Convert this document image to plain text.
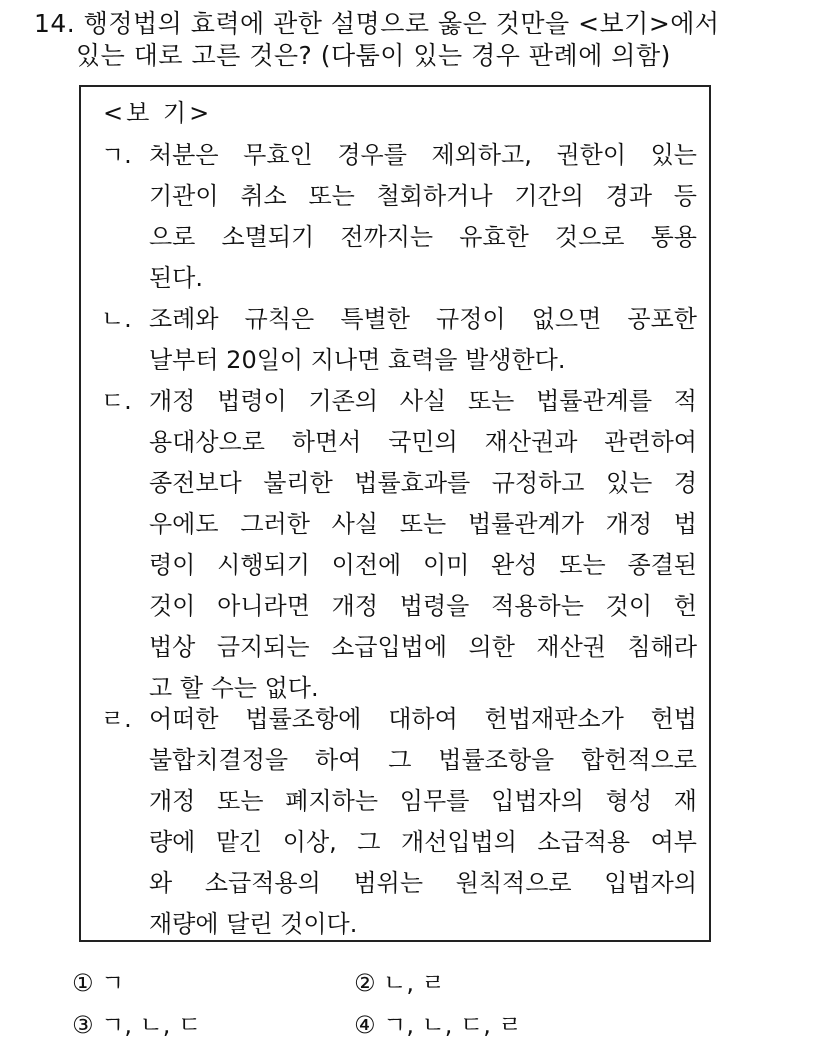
14. 행정법의 효력에 관한 설명으로 옳은 것만을 <보기>에서
있는 대로 고른 것은? (다툼이 있는 경우 판례에 의함)
<보 기>
ㄱ. 처분은 무효인 경우를 제외하고, 권한이 있는
기관이 취소 또는 철회하거나 기간의 경과 등
으로 소멸되기 전까지는 유효한 것으로 통용
된다.
ㄴ. 조례와 규칙은 특별한 규정이 없으면 공포한
날부터 20일이 지나면 효력을 발생한다.
ㄷ. 개정 법령이 기존의 사실 또는 법률관계를 적
용대상으로 하면서 국민의 재산권과 관련하여
종전보다 불리한 법률효과를 규정하고 있는 경
우에도 그러한 사실 또는 법률관계가 개정 법
령이 시행되기 이전에 이미 완성 또는 종결된
것이 아니라면 개정 법령을 적용하는 것이 헌
법상 금지되는 소급입법에 의한 재산권 침해라
고 할 수는 없다.
ㄹ. 어떠한 법률조항에 대하여 헌법재판소가 헌법
불합치결정을 하여 그 법률조항을 합헌적으로
개정 또는 폐지하는 임무를 입법자의 형성 재
량에 맡긴 이상, 그 개선입법의 소급적용 여부
와 소급적용의 범위는 원칙적으로 입법자의
재량에 달린 것이다.
① ㄱ	② ㄴ, ㄹ
③ ㄱ, ㄴ, ㄷ	④ ㄱ, ㄴ, ㄷ, ㄹ
